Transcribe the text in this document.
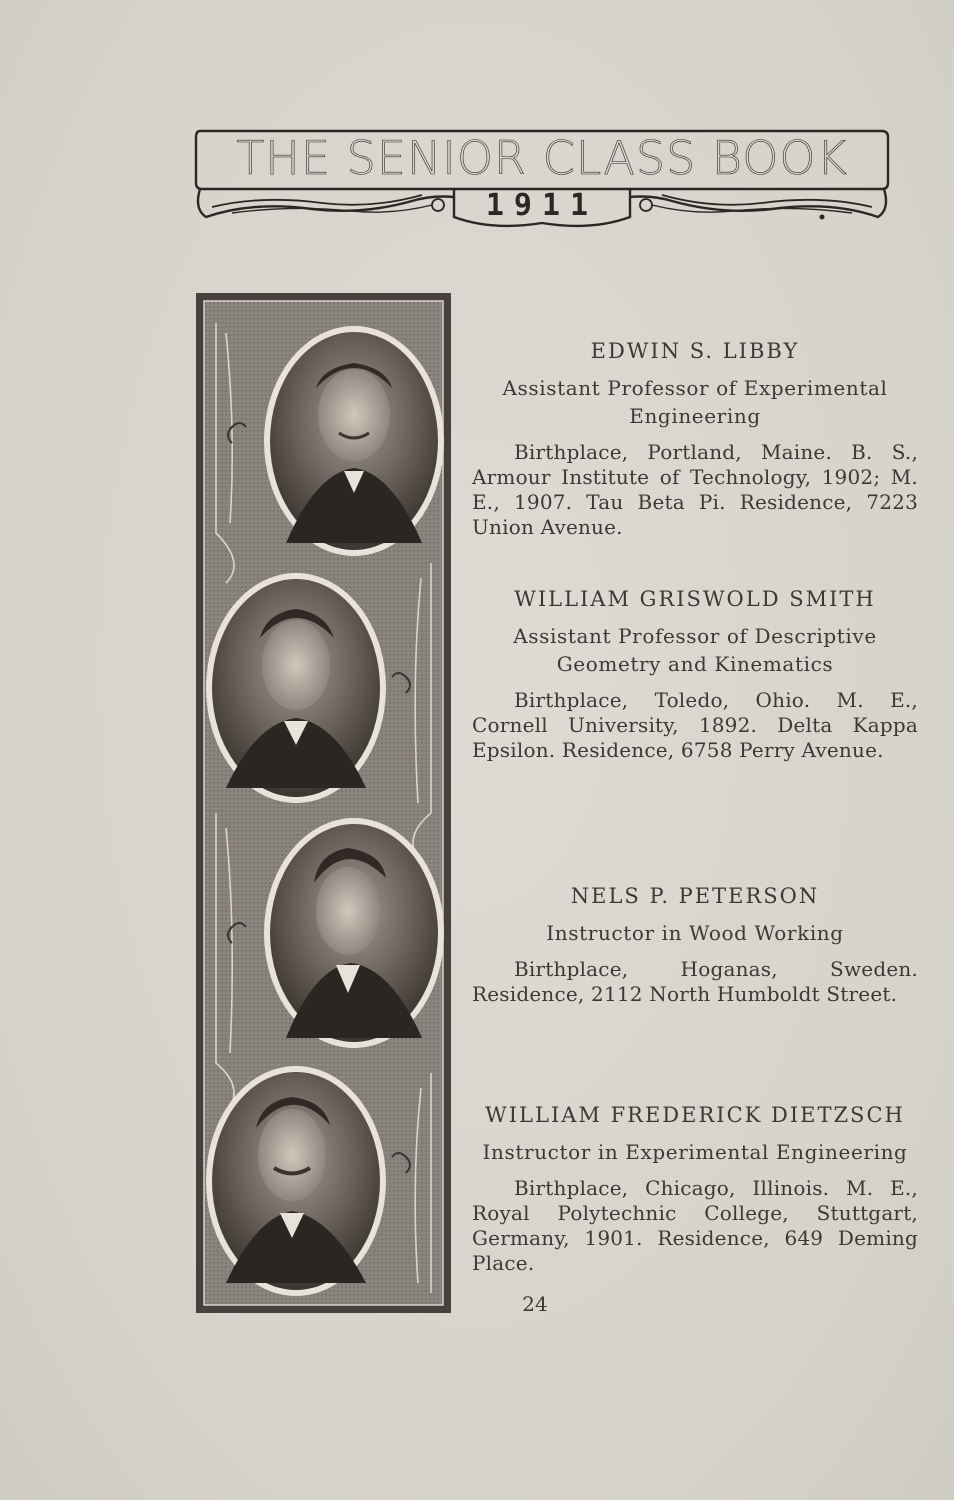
THE SENIOR CLASS BOOK
1911

EDWIN S. LIBBY

Assistant Professor of Experimental Engineering
Birthplace, Portland, Maine. B. S., Armour Institute of Technology, 1902; M. E., 1907. Tau Beta Pi. Residence, 7223 Union Avenue.

WILLIAM GRISWOLD SMITH

Assistant Professor of Descriptive Geometry and Kinematics
Birthplace, Toledo, Ohio. M. E., Cornell University, 1892. Delta Kappa Epsilon. Residence, 6758 Perry Avenue.

NELS P. PETERSON

Instructor in Wood Working
Birthplace, Hoganas, Sweden. Residence, 2112 North Humboldt Street.

WILLIAM FREDERICK DIETZSCH

Instructor in Experimental Engineering
Birthplace, Chicago, Illinois. M. E., Royal Polytechnic College, Stuttgart, Germany, 1901. Residence, 649 Deming Place.
24
